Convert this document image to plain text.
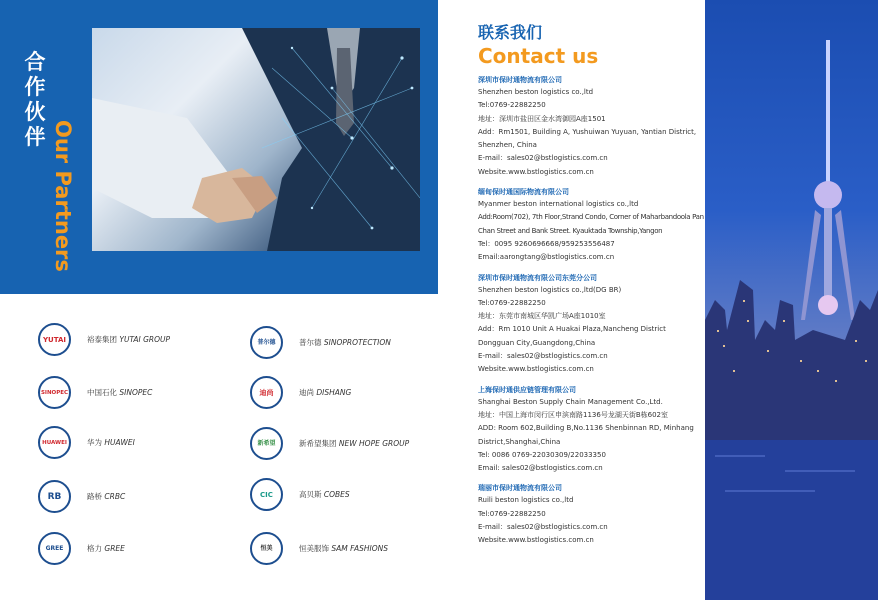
合作伙伴 Our Partners
YUTAI	裕泰集团 YUTAI GROUP
SINOPEC	中国石化 SINOPEC
HUAWEI	华为 HUAWEI
RB	路桥 CRBC
GREE	格力 GREE
普尔德	普尔德 SINOPROTECTION
迪尚	迪尚 DISHANG
新希望	新希望集团 NEW HOPE GROUP
CIC	高贝斯 COBES
恒美	恒美服饰 SAM FASHIONS
联系我们
Contact us
深圳市保时通物流有限公司
Shenzhen beston logistics co.,ltd
Tel:0769-22882250
地址：深圳市盐田区金水湾御园A座1501
Add：Rm1501, Building A, Yushuiwan Yuyuan, Yantian District, Shenzhen, China
E-mail：sales02@bstlogistics.com.cn
Website.www.bstlogistics.com.cn
缅甸保时通国际物流有限公司
Myanmer beston international logistics co.,ltd
Add:Room(702), 7th Floor,Strand Condo, Corner of Maharbandoola Pan Chan Street and Bank Street. Kyauktada Township,Yangon
Tel：0095 9260696668/959253556487
Email:aarongtang@bstlogistics.com.cn
深圳市保时通物流有限公司东莞分公司
Shenzhen beston logistics co.,ltd(DG BR)
Tel:0769-22882250
地址：东莞市南城区华凯广场A座1010室
Add：Rm 1010 Unit A Huakai Plaza,Nancheng District Dongguan City,Guangdong,China
E-mail：sales02@bstlogistics.com.cn
Website.www.bstlogistics.com.cn
上海保时通供应链管理有限公司
Shanghai Beston Supply Chain Management Co.,Ltd.
地址：中国上海市闵行区申滨南路1136号龙湖天街B栋602室
ADD: Room 602,Building B,No.1136 Shenbinnan RD, Minhang District,Shanghai,China
Tel: 0086 0769-22030309/22033350
Email: sales02@bstlogistics.com.cn
瑞丽市保时通物流有限公司
Ruili beston logistics co.,ltd
Tel:0769-22882250
E-mail：sales02@bstlogistics.com.cn
Website.www.bstlogistics.com.cn
